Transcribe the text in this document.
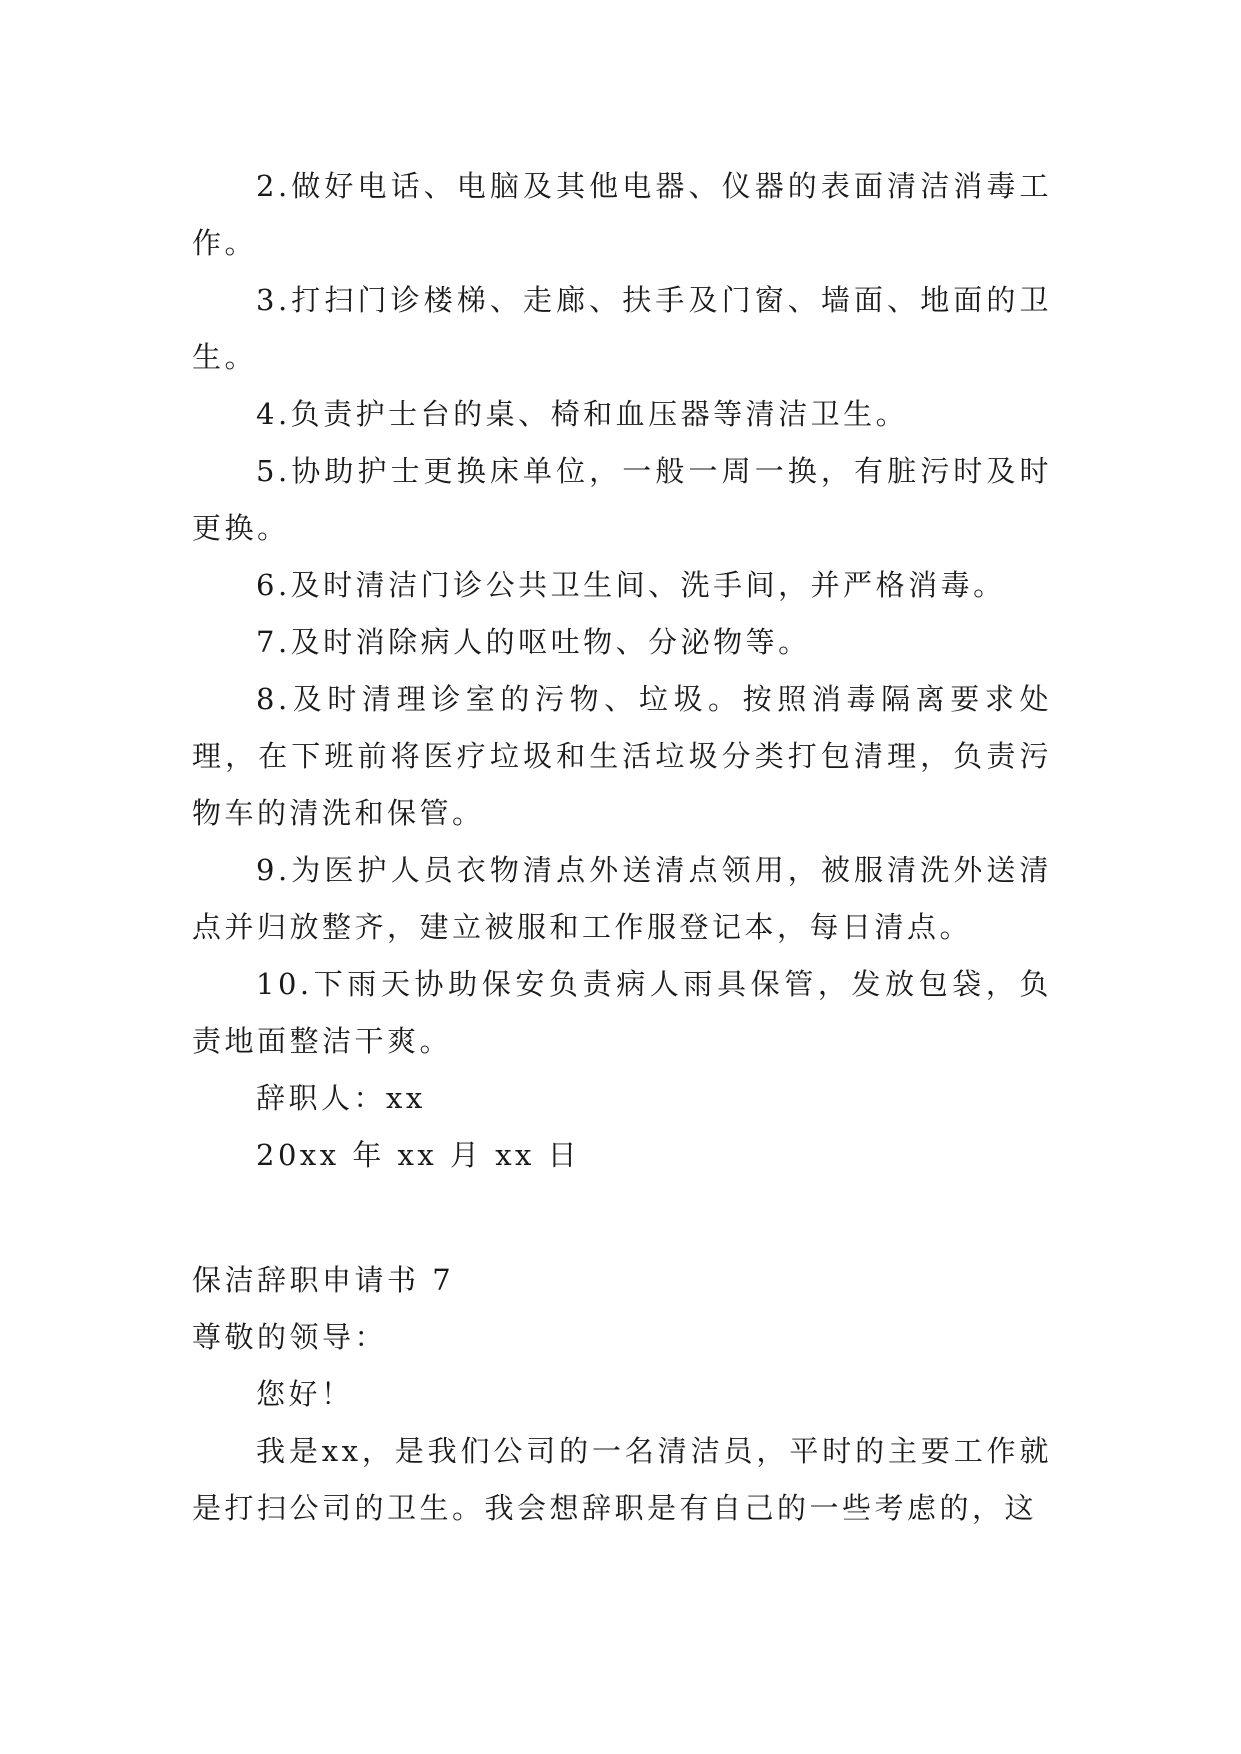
2.做好电话、电脑及其他电器、仪器的表面清洁消毒工作。

3.打扫门诊楼梯、走廊、扶手及门窗、墙面、地面的卫生。

4.负责护士台的桌、椅和血压器等清洁卫生。

5.协助护士更换床单位，一般一周一换，有脏污时及时更换。

6.及时清洁门诊公共卫生间、洗手间，并严格消毒。

7.及时消除病人的呕吐物、分泌物等。

8.及时清理诊室的污物、垃圾。按照消毒隔离要求处理，在下班前将医疗垃圾和生活垃圾分类打包清理，负责污物车的清洗和保管。

9.为医护人员衣物清点外送清点领用，被服清洗外送清点并归放整齐，建立被服和工作服登记本，每日清点。

10.下雨天协助保安负责病人雨具保管，发放包袋，负责地面整洁干爽。

辞职人：xx

20xx 年 xx 月 xx 日

保洁辞职申请书 7

尊敬的领导：

您好！

我是xx，是我们公司的一名清洁员，平时的主要工作就是打扫公司的卫生。我会想辞职是有自己的一些考虑的，这
